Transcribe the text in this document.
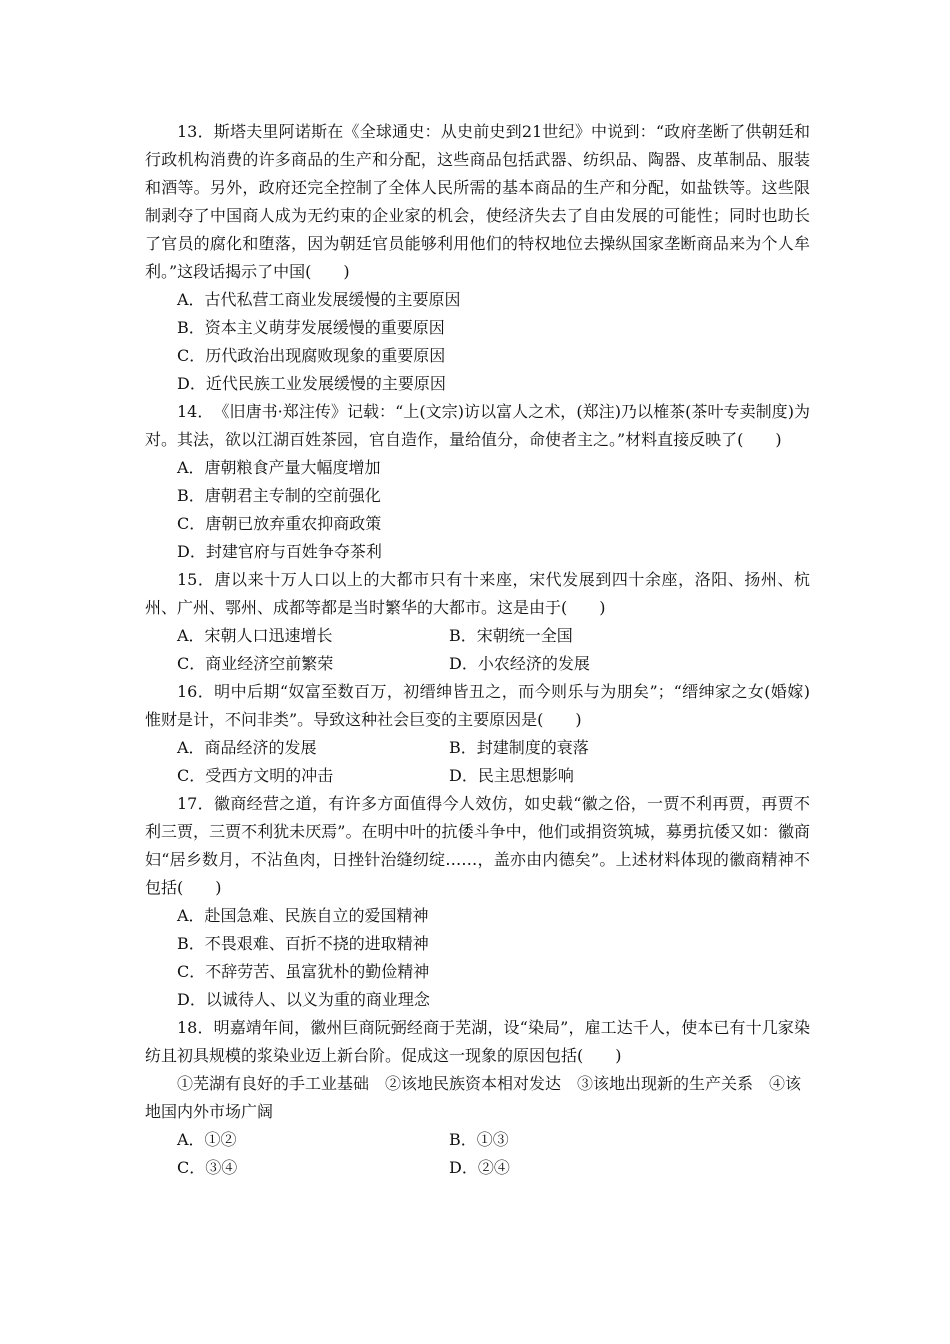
13．斯塔夫里阿诺斯在《全球通史：从史前史到21世纪》中说到：“政府垄断了供朝廷和行政机构消费的许多商品的生产和分配，这些商品包括武器、纺织品、陶器、皮革制品、服装和酒等。另外，政府还完全控制了全体人民所需的基本商品的生产和分配，如盐铁等。这些限制剥夺了中国商人成为无约束的企业家的机会，使经济失去了自由发展的可能性；同时也助长了官员的腐化和堕落，因为朝廷官员能够利用他们的特权地位去操纵国家垄断商品来为个人牟利。”这段话揭示了中国(　　)

A．古代私营工商业发展缓慢的主要原因

B．资本主义萌芽发展缓慢的重要原因

C．历代政治出现腐败现象的重要原因

D．近代民族工业发展缓慢的主要原因

14．　《旧唐书·郑注传》记载：“上(文宗)访以富人之术，(郑注)乃以榷茶(茶叶专卖制度)为对。其法，欲以江湖百姓茶园，官自造作，量给值分，命使者主之。”材料直接反映了(　　)

A．唐朝粮食产量大幅度增加

B．唐朝君主专制的空前强化

C．唐朝已放弃重农抑商政策

D．封建官府与百姓争夺茶利

15．唐以来十万人口以上的大都市只有十来座，宋代发展到四十余座，洛阳、扬州、杭州、广州、鄂州、成都等都是当时繁华的大都市。这是由于(　　)

A．宋朝人口迅速增长	B．宋朝统一全国
C．商业经济空前繁荣	D．小农经济的发展

16．明中后期“奴富至数百万，初缙绅皆丑之，而今则乐与为朋矣”；“缙绅家之女(婚嫁)惟财是计，不问非类”。导致这种社会巨变的主要原因是(　　)

A．商品经济的发展	B．封建制度的衰落
C．受西方文明的冲击	D．民主思想影响

17．徽商经营之道，有许多方面值得今人效仿，如史载“徽之俗，一贾不利再贾，再贾不利三贾，三贾不利犹未厌焉”。在明中叶的抗倭斗争中，他们或捐资筑城，募勇抗倭又如：徽商妇“居乡数月，不沾鱼肉，日挫针治缝纫绽……，盖亦由内德矣”。上述材料体现的徽商精神不包括(　　)

A．赴国急难、民族自立的爱国精神

B．不畏艰难、百折不挠的进取精神

C．不辞劳苦、虽富犹朴的勤俭精神

D．以诚待人、以义为重的商业理念

18．明嘉靖年间，徽州巨商阮弼经商于芜湖，设“染局”，雇工达千人，使本已有十几家染纺且初具规模的浆染业迈上新台阶。促成这一现象的原因包括(　　)

①芜湖有良好的手工业基础　②该地民族资本相对发达　③该地出现新的生产关系　④该地国内外市场广阔

A．①②	B．①③
C．③④	D．②④
